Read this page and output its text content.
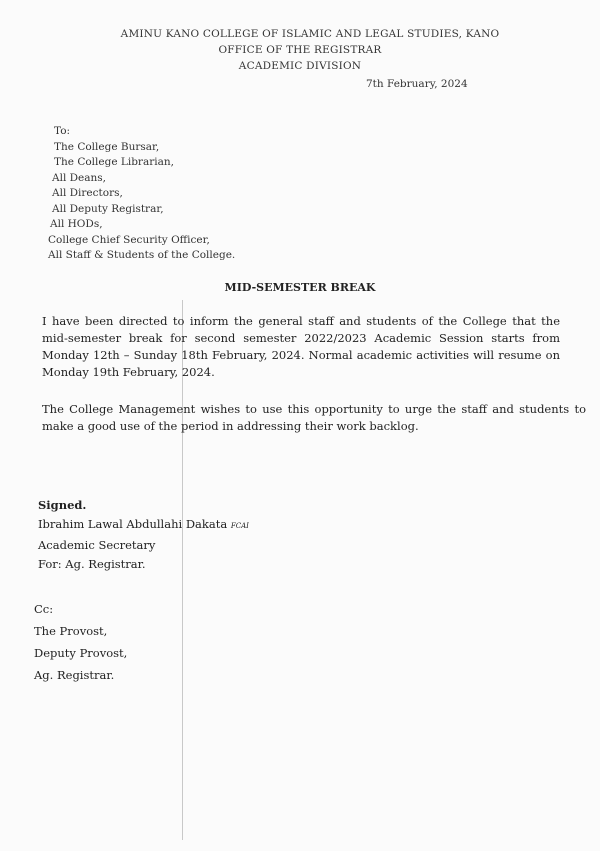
AMINU KANO COLLEGE OF ISLAMIC AND LEGAL STUDIES, KANO
OFFICE OF THE REGISTRAR
ACADEMIC DIVISION
7th February, 2024
To:
The College Bursar,
The College Librarian,
All Deans,
All Directors,
All Deputy Registrar,
All HODs,
College Chief Security Officer,
All Staff & Students of the College.
MID-SEMESTER BREAK
I have been directed to inform the general staff and students of the College that the mid-semester break for second semester 2022/2023 Academic Session starts from Monday 12th – Sunday 18th February, 2024. Normal academic activities will resume on Monday 19th February, 2024.
The College Management wishes to use this opportunity to urge the staff and students to make a good use of the period in addressing their work backlog.
Signed.
Ibrahim Lawal Abdullahi Dakata FCAI
Academic Secretary
For: Ag. Registrar.
Cc:
The Provost,
Deputy Provost,
Ag. Registrar.
